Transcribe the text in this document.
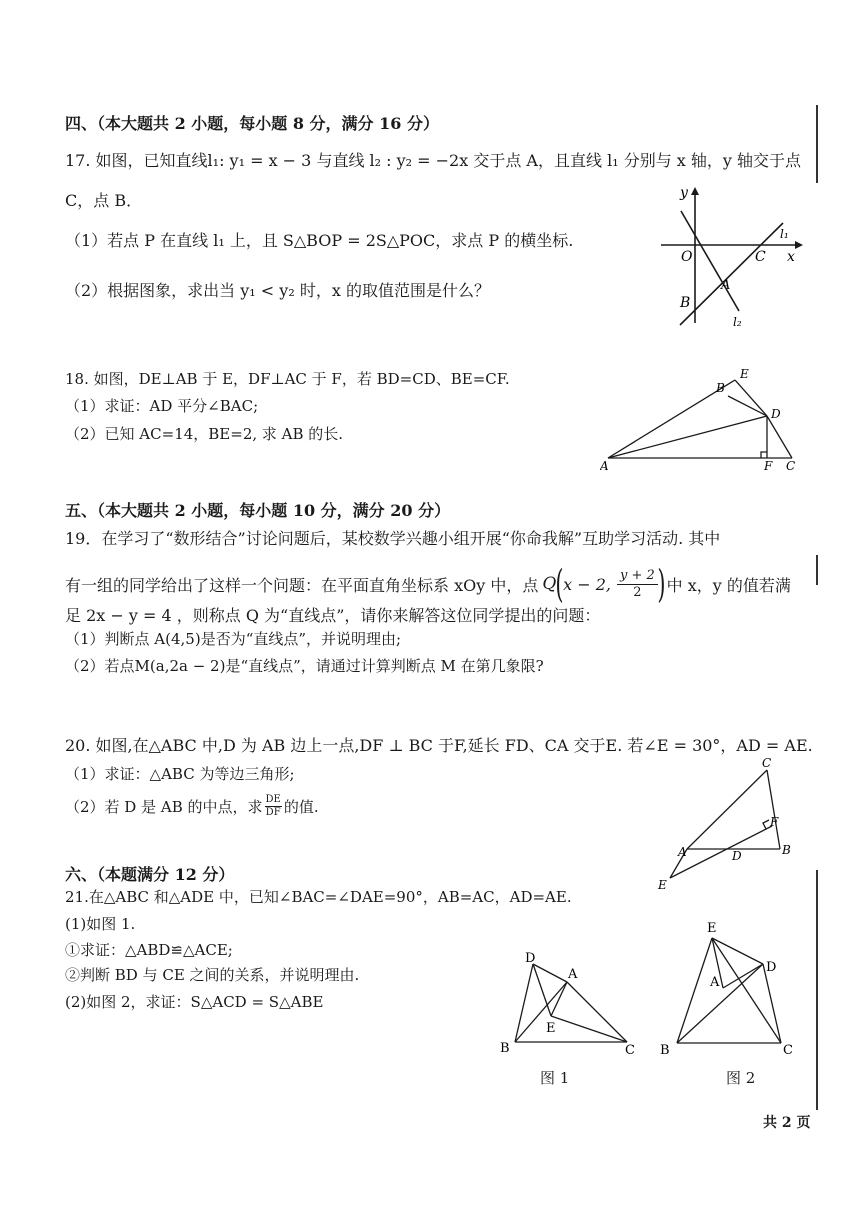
四、（本大题共 2 小题，每小题 8 分，满分 16 分）
17. 如图，已知直线l₁: y₁ = x − 3 与直线 l₂ : y₂ = −2x 交于点 A，且直线 l₁ 分别与 x 轴，y 轴交于点
C，点 B．
（1）若点 P 在直线 l₁ 上，且 S△BOP = 2S△POC，求点 P 的横坐标.
（2）根据图象，求出当 y₁ < y₂ 时，x 的取值范围是什么？
y
x
O	C
A
B
l₁
l₂
18. 如图，DE⊥AB 于 E，DF⊥AC 于 F，若 BD=CD、BE=CF.
（1）求证：AD 平分∠BAC;
（2）已知 AC=14，BE=2, 求 AB 的长.
A
B
E
D
F C
五、（本大题共 2 小题，每小题 10 分，满分 20 分）
19．在学习了“数形结合”讨论问题后，某校数学兴趣小组开展“你命我解”互助学习活动. 其中
有一组的同学给出了这样一个问题：在平面直角坐标系 xOy 中，点 Q ( x − 2, $\frac{y + 2}{2}$ ) 中 x，y 的值若满
足 2x − y = 4 ，则称点 Q 为“直线点”，请你来解答这位同学提出的问题：
（1）判断点 A(4,5)是否为“直线点”，并说明理由;
（2）若点M(a,2a − 2)是“直线点”，请通过计算判断点 M 在第几象限?
20. 如图,在△ABC 中,D 为 AB 边上一点,DF ⊥ BC 于F,延长 FD、CA 交于E. 若∠E = 30°，AD = AE.
（1）求证：△ABC 为等边三角形;
（2）若 D 是 AB 的中点，求 $\frac{DE}{DF}$ 的值.
C
F
A	D	B
E
六、（本题满分 12 分）
21.在△ABC 和△ADE 中，已知∠BAC=∠DAE=90°，AB=AC，AD=AE.
(1)如图 1.
①求证：△ABD≌△ACE;
②判断 BD 与 CE 之间的关系，并说明理由.
(2)如图 2，求证：S△ACD = S△ABE
D
A
E
B	C
图 1
E
D
A
B	C
图 2
共 2 页
